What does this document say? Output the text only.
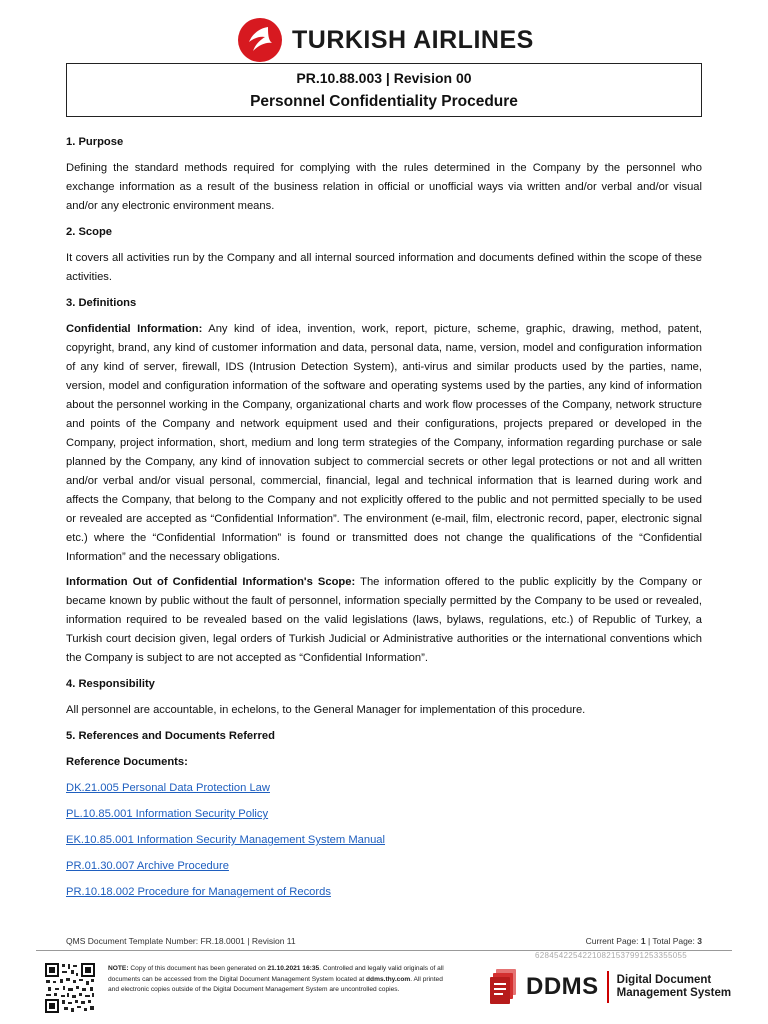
TURKISH AIRLINES
PR.10.88.003 | Revision 00
Personnel Confidentiality Procedure
1. Purpose
Defining the standard methods required for complying with the rules determined in the Company by the personnel who exchange information as a result of the business relation in official or unofficial ways via written and/or verbal and/or visual and/or any electronic environment means.
2. Scope
It covers all activities run by the Company and all internal sourced information and documents defined within the scope of these activities.
3. Definitions
Confidential Information: Any kind of idea, invention, work, report, picture, scheme, graphic, drawing, method, patent, copyright, brand, any kind of customer information and data, personal data, name, version, model and configuration information of any kind of server, firewall, IDS (Intrusion Detection System), anti-virus and similar products used by the parties, name, version, model and configuration information of the software and operating systems used by the parties, any kind of information about the personnel working in the Company, organizational charts and work flow processes of the Company, network structure and points of the Company and network equipment used and their configurations, projects prepared or developed in the Company, project information, short, medium and long term strategies of the Company, information regarding purchase or sale planned by the Company, any kind of innovation subject to commercial secrets or other legal protections or not and all written and/or verbal and/or visual personal, commercial, financial, legal and technical information that is learned during work and affects the Company, that belong to the Company and not explicitly offered to the public and not permitted specially to be used or revealed are accepted as “Confidential Information”. The environment (e-mail, film, electronic record, paper, electronic signal etc.) where the “Confidential Information” is found or transmitted does not change the qualifications of the “Confidential Information” and the necessary obligations.
Information Out of Confidential Information's Scope: The information offered to the public explicitly by the Company or became known by public without the fault of personnel, information specially permitted by the Company to be used or revealed, information required to be revealed based on the valid legislations (laws, bylaws, regulations, etc.) of Republic of Turkey, a Turkish court decision given, legal orders of Turkish Judicial or Administrative authorities or the international conventions which the Company is subject to are not accepted as “Confidential Information”.
4. Responsibility
All personnel are accountable, in echelons, to the General Manager for implementation of this procedure.
5. References and Documents Referred
Reference Documents:
DK.21.005 Personal Data Protection Law
PL.10.85.001 Information Security Policy
EK.10.85.001 Information Security Management System Manual
PR.01.30.007 Archive Procedure
PR.10.18.002 Procedure for Management of Records
QMS Document Template Number: FR.18.0001 | Revision 11	Current Page: 1 | Total Page: 3
62845422542210821537991253355055
NOTE: Copy of this document has been generated on 21.10.2021 16:35. Controlled and legally valid originals of all documents can be accessed from the Digital Document Management System located at ddms.thy.com. All printed and electronic copies outside of the Digital Document Management System are uncontrolled copies.	DDMS Digital Document
Management System
